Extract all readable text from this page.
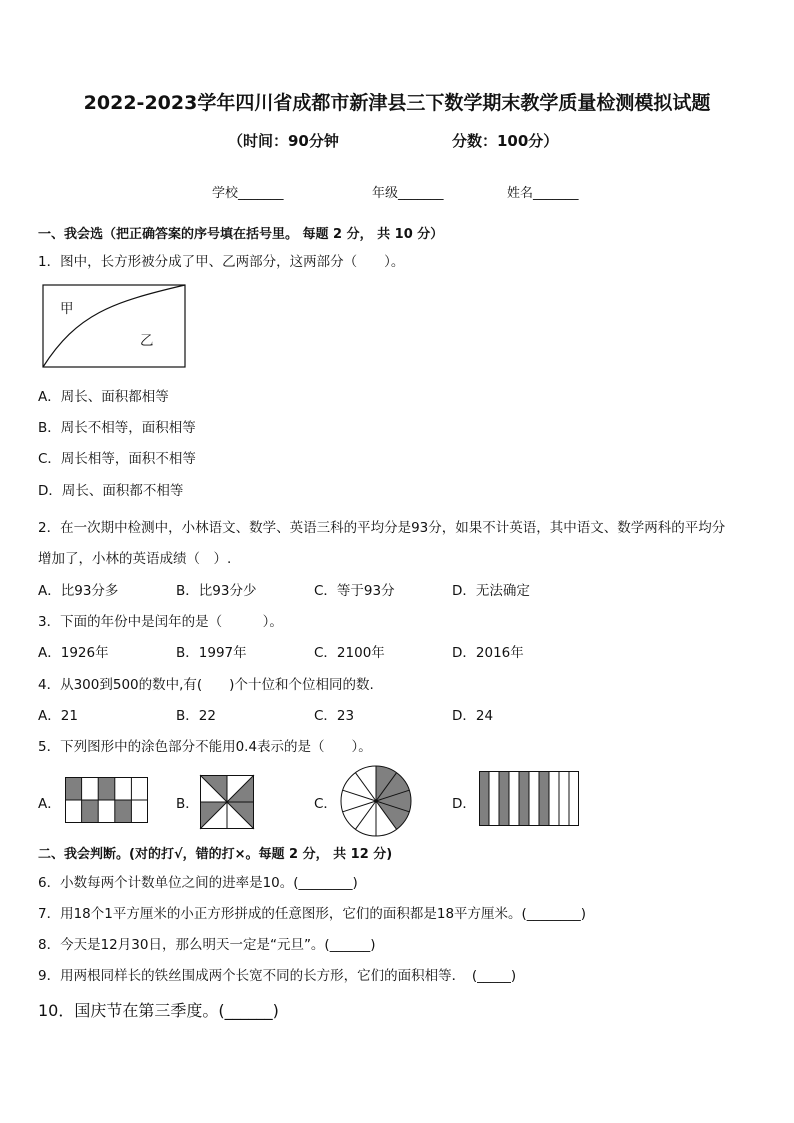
2022-2023学年四川省成都市新津县三下数学期末教学质量检测模拟试题
（时间：90分钟	分数：100分）
学校_______	年级_______	姓名_______
一、我会选（把正确答案的序号填在括号里。 每题 2 分， 共 10 分）
1．图中，长方形被分成了甲、乙两部分，这两部分（　　）。
甲
乙
A．周长、面积都相等
B．周长不相等，面积相等
C．周长相等，面积不相等
D．周长、面积都不相等
2．在一次期中检测中，小林语文、数学、英语三科的平均分是93分，如果不计英语，其中语文、数学两科的平均分
增加了，小林的英语成绩（　）.
A．比93分多	B．比93分少	C．等于93分	D．无法确定
3．下面的年份中是闰年的是（　　　）。
A．1926年	B．1997年	C．2100年	D．2016年
4．从300到500的数中,有(　　)个十位和个位相同的数.
A．21	B．22	C．23	D．24
5．下列图形中的涂色部分不能用0.4表示的是（　　）。
A．	B．	C．	D．
二、我会判断。(对的打√，错的打×。每题 2 分， 共 12 分)
6．小数每两个计数单位之间的进率是10。(________)
7．用18个1平方厘米的小正方形拼成的任意图形，它们的面积都是18平方厘米。(________)
8．今天是12月30日，那么明天一定是“元旦”。(______)
9．用两根同样长的铁丝围成两个长宽不同的长方形，它们的面积相等．　(_____)
10．国庆节在第三季度。(______)
